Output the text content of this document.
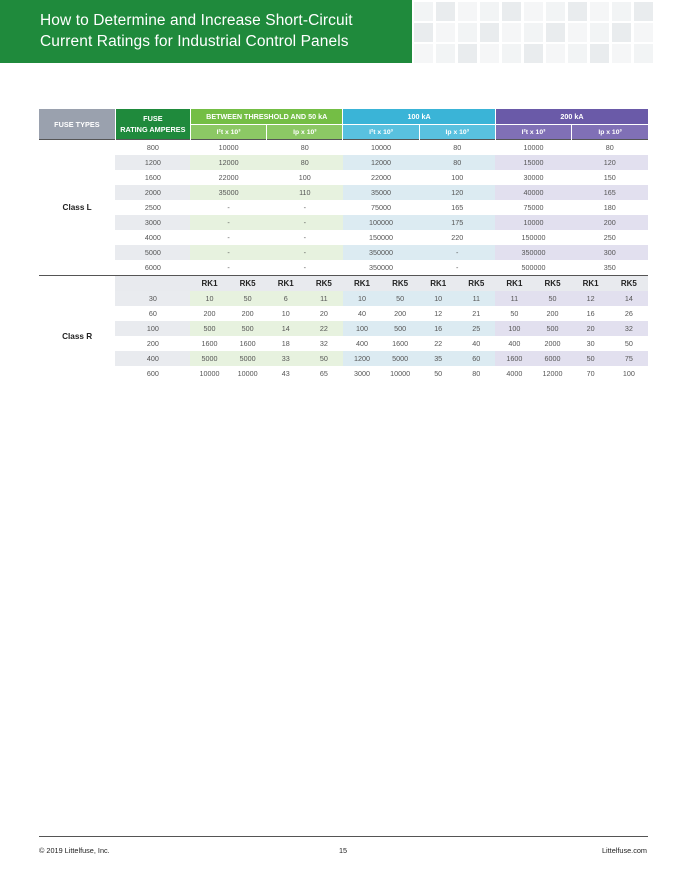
How to Determine and Increase Short-Circuit
Current Ratings for Industrial Control Panels
FUSE TYPES	FUSE
RATING AMPERES	BETWEEN THRESHOLD AND 50 kA				100 kA				200 kA			
		I²t x 10³		Ip x 10³		I²t x 10³		Ip x 10³		I²t x 10³		Ip x 10³	
Class L	800	10000		80		10000		80		10000		80	
	1200	12000		80		12000		80		15000		120	
	1600	22000		100		22000		100		30000		150	
	2000	35000		110		35000		120		40000		165	
	2500	-		-		75000		165		75000		180	
	3000	-		-		100000		175		10000		200	
	4000	-		-		150000		220		150000		250	
	5000	-		-		350000		-		350000		300	
	6000	-		-		350000		-		500000		350	
		RK1	RK5	RK1	RK5	RK1	RK5	RK1	RK5	RK1	RK5	RK1	RK5
Class R	30	10	50	6	11	10	50	10	11	11	50	12	14
	60	200	200	10	20	40	200	12	21	50	200	16	26
	100	500	500	14	22	100	500	16	25	100	500	20	32
	200	1600	1600	18	32	400	1600	22	40	400	2000	30	50
	400	5000	5000	33	50	1200	5000	35	60	1600	6000	50	75
	600	10000	10000	43	65	3000	10000	50	80	4000	12000	70	100
© 2019 Littelfuse, Inc.	15	Littelfuse.com
